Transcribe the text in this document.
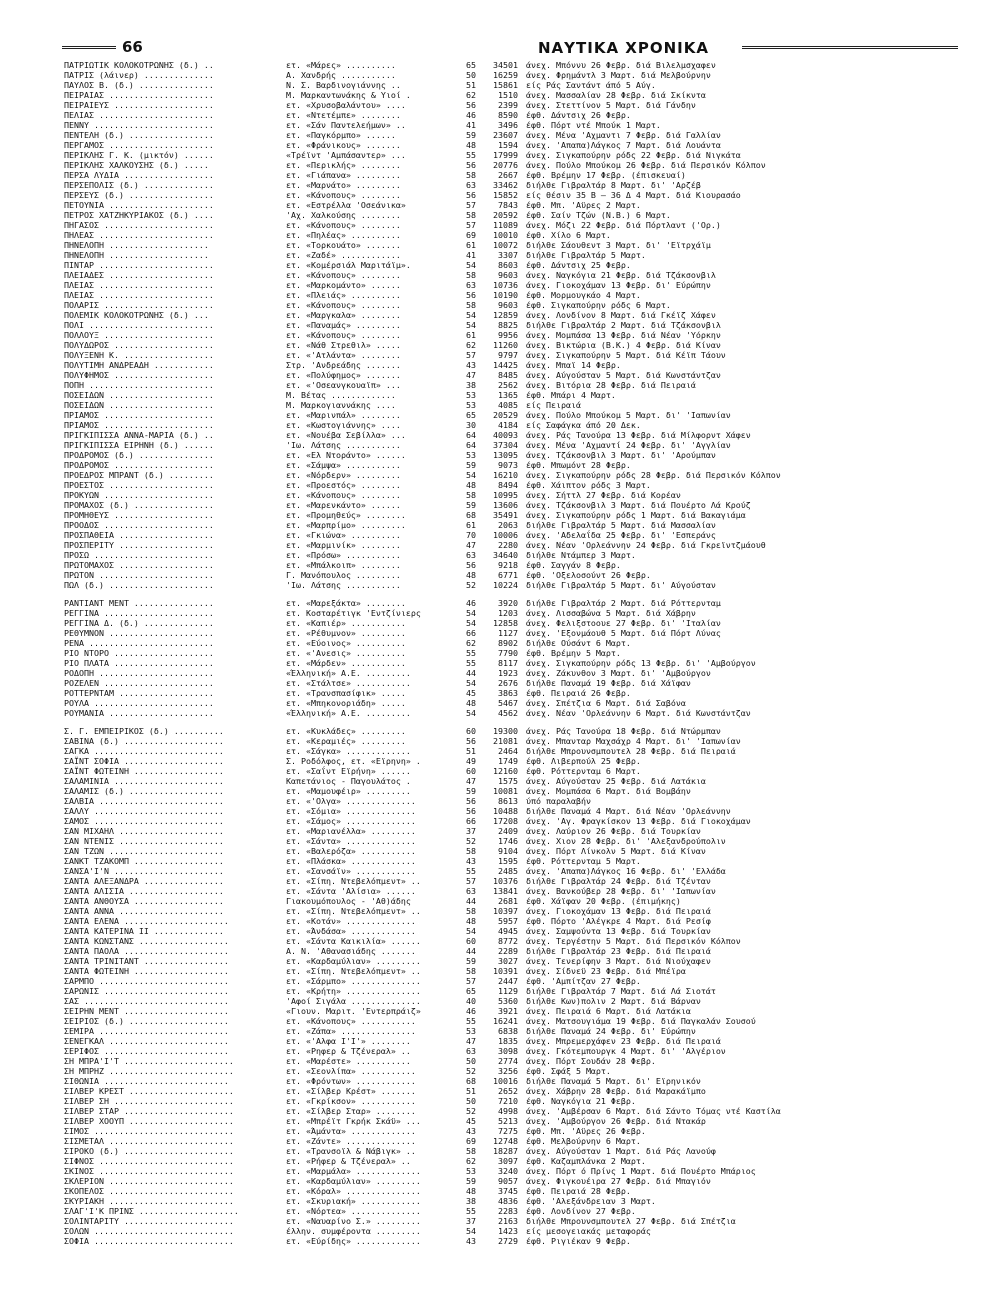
66	ΝΑΥΤΙΚΑ ΧΡΟΝΙΚΑ
ΠΑΤΡΙΩΤΙΚ ΚΟΛΟΚΟΤΡΩΝΗΣ (δ.) ..	ετ. «Μάρες» ..........	65	34501 άνεχ. Μπόννυ 26 Φεβρ. διά Βιλελμσχαφεν
ΠΑΤΡΙΣ (λάινερ) ..............	Α. Χανδρής ...........	50	16259 άνεχ. Φρημάντλ 3 Μαρτ. διά Μελβούρνην
ΠΑΥΛΟΣ Β. (δ.) ...............	Ν. Σ. Βαρδινογιάννης ..	51	15861 είς Ράς Σαντάντ άπό 5 Αύγ.
ΠΕΙΡΑΙΑΣ .....................	Μ. Μαρκαντωνάκης & Υιοί .	62	1510 άνεχ. Μασσαλίαν 28 Φεβρ. διά Σκίκντα
ΠΕΙΡΑΙΕΥΣ ....................	ετ. «Χρυσοβαλάντου» ....	56	2399 άνεχ. Στεττίνον 5 Μαρτ. διά Γάνδην
ΠΕΛΙΑΣ .......................	ετ. «Ντετέμπε» ........	46	8590 έφθ. Δάντσιχ 26 Φεβρ.
ΠΕΝΝΥ ........................	ετ. «Σάν Παντελεήμων» ..	41	3496 έφθ. Πόρτ ντέ Μπούκ 1 Μαρτ.
ΠΕΝΤΕΛΗ (δ.) .................	ετ. «Παγκόρμπο» ......	59	23607 άνεχ. Μένα 'Αχμαντι 7 Φεβρ. διά Γαλλίαν
ΠΕΡΓΑΜΟΣ .....................	ετ. «Φράνικους» .......	48	1594 άνεχ. 'Απαπα)Λάγκος 7 Μαρτ. διά Λουάντα
ΠΕΡΙΚΛΗΣ Γ. Κ. (μικτόν) ......	«Τρέϊντ 'Αμπάσαντερ» ...	55	17999 άνεχ. Σιγκαπούρην ρόδς 22 Φεβρ. διά Νιγκάτα
ΠΕΡΙΚΛΗΣ ΧΑΛΚΟΥΣΗΣ (δ.) .....	ετ. «Περικλής» ........	56	20776 άνεχ. Πούλο Μπούκομ 26 Φεβρ. διά Περσικόν Κόλπον
ΠΕΡΣΑ ΛΥΔΙΑ ..................	ετ. «Γιάπανα» .........	58	2667 έφθ. Βρέμην 17 Φεβρ. (έπισκευαί)
ΠΕΡΣΕΠΟΛΙΣ (δ.) ..............	ετ. «Μαρνάτο» .........	63	33462 διήλθε Γιβραλτάρ 8 Μαρτ. δι' 'Αρζέβ
ΠΕΡΣΕΥΣ (δ.) .................	ετ. «Κάνοπους» ........	56	15852 είς θέσιν 35 Β — 36 Δ 4 Μαρτ. διά Κιουρασάο
ΠΕΤΟΥΝΙΑ .....................	ετ. «Εστρέλλα 'Οσεάνικα»	57	7843 έφθ. Μπ. 'Αϋρες 2 Μαρτ.
ΠΕΤΡΟΣ ΧΑΤΖΗΚΥΡΙΑΚΟΣ (δ.) ....	'Αχ. Χαλκούσης ........	58	20592 έφθ. Σαίν Τζών (Ν.Β.) 6 Μαρτ.
ΠΗΓΑΣΟΣ ......................	ετ. «Κάνοπους» ........	57	11089 άνεχ. Μόζι 22 Φεβρ. διά Πόρτλαντ ('Ορ.)
ΠΗΛΕΑΣ .......................	ετ. «Πηλέας» ..........	69	10010 έφθ. Χίλο 6 Μαρτ.
ΠΗΝΕΛΟΠΗ ....................	ετ. «Τορκουάτο» .......	61	10072 διήλθε Σάουθεντ 3 Μαρτ. δι' 'Εϊτρχάϊμ
ΠΗΝΕΛΟΠΗ ....................	ετ. «Ζαδέ» ............	41	3307 διήλθε Γιβραλτάρ 5 Μαρτ.
ΠΙΝΤΑΡ .......................	ετ. «Κομέρσιάλ Μαριτάϊμ».	54	8603 έφθ. Δάντσιχ 25 Φεβρ.
ΠΛΕΙΑΔΕΣ .....................	ετ. «Κάνοπους» ........	58	9603 άνεχ. Ναγκόγια 21 Φεβρ. διά Τζάκσονβιλ
ΠΛΕΙΑΣ .......................	ετ. «Μαρκομάντο» ......	63	10736 άνεχ. Γιοκοχάμαν 13 Φεβρ. δι' Εύρώπην
ΠΛΕΙΑΣ .......................	ετ. «Πλειάς» ..........	56	10190 έφθ. Μορμουγκάο 4 Μαρτ.
ΠΟΛΑΡΙΣ ......................	ετ. «Κάνοπους» ........	58	9603 έφθ. Σιγκαπούρην ρόδς 6 Μαρτ.
ΠΟΛΕΜΙΚ ΚΟΛΟΚΟΤΡΩΝΗΣ (δ.) ...	ετ. «Μαργκαλα» ........	54	12859 άνεχ. Λονδίνον 8 Μαρτ. διά Γκέϊζ Χάφεν
ΠΟΛΙ .........................	ετ. «Παναμάς» .........	54	8825 διήλθε Γιβραλτάρ 2 Μαρτ. διά Τζάκσονβιλ
ΠΟΛΛΟΥΞ ......................	ετ. «Κάνοπους» ........	61	9956 άνεχ. Μομπάσα 13 Φεβρ. διά Νέαν 'Υόρκην
ΠΟΛΥΔΩΡΟΣ ....................	ετ. «Νάθ Στρεθιλ» .....	62	11260 άνεχ. Βικτώρια (Β.Κ.) 4 Φεβρ. διά Κίναν
ΠΟΛΥΞΕΝΗ Κ. ..................	ετ. «'Ατλάντα» ........	57	9797 άνεχ. Σιγκαπούρην 5 Μαρτ. διά Κέϊπ Τάουν
ΠΟΛΥΤΙΜΗ ΑΝΔΡΕΑΔΗ ............	Στρ. 'Ανδρεάδης .......	43	14425 άνεχ. Μπαϊ 14 Φεβρ.
ΠΟΛΥΦΗΜΟΣ ....................	ετ. «Πολύφημος» .......	47	8485 άνεχ. Αύγούσταν 5 Μαρτ. διά Κωνστάντζαν
ΠΟΠΗ .........................	ετ. «'Οσεανγκουαϊπ» ...	38	2562 άνεχ. Βιτόρια 28 Φεβρ. διά Πειραιά
ΠΟΣΕΙΔΩΝ .....................	Μ. Βέτας .............	53	1365 έφθ. Μπάρι 4 Μαρτ.
ΠΟΣΕΙΔΩΝ .....................	Μ. Μαρκογιαννάκης ....	53	4085 είς Πειραιά
ΠΡΙΑΜΟΣ ......................	ετ. «Μαρινπάλ» ........	65	20529 άνεχ. Πούλο Μπούκομ 5 Μαρτ. δι' 'Ιαπωνίαν
ΠΡΙΑΜΟΣ ......................	ετ. «Κωστογιάννης» ....	30	4184 είς Σαφάγκα άπό 20 Δεκ.
ΠΡΙΓΚΙΠΙΣΣΑ ΑΝΝΑ-ΜΑΡΙΑ (δ.) ..	ετ. «Νουέβα Σεβίλλα» ...	64	40093 άνεχ. Ράς Τανούρα 13 Φεβρ. διά Μίλφορντ Χάφεν
ΠΡΙΓΚΙΠΙΣΣΑ ΕΙΡΗΝΗ (δ.) ......	'Ιω. Λάτσης ...........	64	37304 άνεχ. Μένα 'Αχμαντί 24 Φεβρ. δι' 'Αγγλίαν
ΠΡΟΔΡΟΜΟΣ (δ.) ...............	ετ. «Ελ Ντοράντο» ......	53	13095 άνεχ. Τζάκσονβιλ 3 Μαρτ. δι' 'Αρούμπαν
ΠΡΟΔΡΟΜΟΣ ....................	ετ. «Σάμψα» ...........	59	9073 έφθ. Μπωμόντ 28 Φεβρ.
ΠΡΟΕΔΡΟΣ ΜΠΡΑΝΤ (δ.) .........	ετ. «Νόρδερν» .........	54	16210 άνεχ. Σιγκαπούρην ρόδς 28 Φεβρ. διά Περσικόν Κόλπον
ΠΡΟΕΣΤΟΣ .....................	ετ. «Προεστός» ........	48	8494 έφθ. Χάιπτον ρόδς 3 Μαρτ.
ΠΡΟΚΥΩΝ ......................	ετ. «Κάνοπους» ........	58	10995 άνεχ. Σήττλ 27 Φεβρ. διά Κορέαν
ΠΡΟΜΑΧΟΣ (δ.) ................	ετ. «Μαρενκάντο» ......	59	13606 άνεχ. Τζάκσονβιλ 3 Μαρτ. διά Πουέρτο Λά Κρούζ
ΠΡΟΜΗΘΕΥΣ ....................	ετ. «Προμηθεύς» ........	68	35491 άνεχ. Σιγκαπούρην ρόδς 1 Μαρτ. διά Βακαγιάμα
ΠΡΟΟΔΟΣ ......................	ετ. «Μαρπρίμο» .........	61	2063 διήλθε Γιβραλτάρ 5 Μαρτ. διά Μασσαλίαν
ΠΡΟΣΠΑΘΕΙΑ ...................	ετ. «Γκιώνα» ..........	70	10006 άνεχ. 'Αδελαΐδα 25 Φεβρ. δι' 'Εσπεράνς
ΠΡΟΣΠΕΡΙΤΥ ...................	ετ. «Μαρμινίκ» ........	47	2280 άνεχ. Νέαν 'Ορλεάννην 24 Φεβρ. διά Γκρεϊντζμάουθ
ΠΡΟΣΩ ........................	ετ. «Πρόσω» ...........	63	34640 διήλθε Ντάμπερ 3 Μαρτ.
ΠΡΩΤΟΜΑΧΟΣ ...................	ετ. «Μπάλκοιπ» ........	56	9218 έφθ. Σαγγάν 8 Φεβρ.
ΠΡΩΤΟΝ .......................	Γ. Μανόπουλος .........	48	6771 έφθ. 'Οξελοσούντ 26 Φεβρ.
ΠΩΛ (δ.) .....................	'Ιω. Λάτσης ...........	52	10224 διήλθε Γιβραλτάρ 5 Μαρτ. δι' Αύγούσταν
ΡΑΝΤΙΑΝΤ ΜΕΝΤ ................	ετ. «Μαρεξάκτα» ........	46	3920 διήλθε Γιβραλτάρ 2 Μαρτ. διά Ρόττερνταμ
ΡΕΓΓΙΝΑ ......................	ετ. Κοσταρέτιγκ 'Εντζίνιερς	54	1203 άνεχ. Λισσαβώνα 5 Μαρτ. διά Χάβρην
ΡΕΓΓΙΝΑ Δ. (δ.) ..............	ετ. «Καπιέρ» ...........	54	12858 άνεχ. Φελιξστοουε 27 Φεβρ. δι' 'Ιταλίαν
ΡΕΘΥΜΝΟΝ .....................	ετ. «Ρέθυμνον» .........	66	1127 άνεχ. 'Εξονμάουθ 5 Μαρτ. διά Πόρτ Λύνας
ΡΕΝΑ .........................	ετ. «Εύοινος» ..........	62	8902 διήλθε Ούσάντ 6 Μαρτ.
ΡΙΟ ΝΤΟΡΟ ....................	ετ. «'Ανεσις» ..........	55	7790 έφθ. Βρέμην 5 Μαρτ.
ΡΙΟ ΠΛΑΤΑ ....................	ετ. «Μάρδεν» ...........	55	8117 άνεχ. Σιγκαπούρην ρόδς 13 Φεβρ. δι' 'Αμβούργον
ΡΟΔΟΠΗ .......................	«Έλληνική» Α.Ε. .........	44	1923 άνεχ. Ζάκυνθον 3 Μαρτ. δι' 'Αμβούργον
ΡΟΖΕΛΕΝ ......................	ετ. «Στάλτσε» ...........	54	2676 διήλθε Παναμά 19 Φεβρ. διά Χάϊφαν
ΡΟΤΤΕΡΝΤΑΜ ...................	ετ. «Τρανσπασίφικ» .....	45	3863 έφθ. Πειραιά 26 Φεβρ.
ΡΟΥΛΑ ........................	ετ. «Μπηκονοριάδη» .....	48	5467 άνεχ. Σπέτζια 6 Μαρτ. διά Σαβόνα
ΡΟΥΜΑΝΙΑ .....................	«Έλληνική» Α.Ε. .........	54	4562 άνεχ. Νέαν 'Ορλεάννην 6 Μαρτ. διά Κωνστάντζαν
Σ. Γ. ΕΜΠΕΙΡΙΚΟΣ (δ.) ..........	ετ. «Κυκλάδες» .........	60	19300 άνεχ. Ράς Τανούρα 18 Φεβρ. διά Ντώρμπαν
ΣΑΒΙΝΑ (δ.) ....................	ετ. «Κεραμιές» .........	56	21081 άνεχ. Μπανταρ Μαχσάχρ 4 Μαρτ. δι' 'Ιαπωνίαν
ΣΑΓΚΑ ..........................	ετ. «Σάγκα» .............	51	2464 διήλθε Μπρουνσμπουτελ 28 Φεβρ. διά Πειραιά
ΣΑΪΝΤ ΣΟΦΙΑ ....................	Σ. Ροδόλφος, ετ. «Εϊρηνη» .	49	1749 έφθ. Λιβερπούλ 25 Φεβρ.
ΣΑΪΝΤ ΦΩΤΕΙΝΗ ..................	ετ. «Σαΐντ Εϊρήνη» ......	60	12160 έφθ. Ρόττερνταμ 6 Μαρτ.
ΣΑΛΑΜΙΝΙΑ ......................	Καπετάνιος - Παγουλάτος .	47	1575 άνεχ. Αύγούσταν 25 Φεβρ. διά Λατάκια
ΣΑΛΑΜΙΣ (δ.) ...................	ετ. «Μαμουφέιρ» .........	59	10081 άνεχ. Μομπάσα 6 Μαρτ. διά Βομβάην
ΣΑΛΒΙΑ .........................	ετ. «'Ολγα» ..............	56	8613 ύπό παραλαβήν
ΣΑΛΛΥ ..........................	ετ. «Σόμια» ..............	56	10488 διήλθε Παναμά 4 Μαρτ. διά Νέαν 'Ορλεάννην
ΣΑΜΟΣ ..........................	ετ. «Σάμος» ..............	66	17208 άνεχ. 'Αγ. Φραγκίσκον 13 Φεβρ. διά Γιοκοχάμαν
ΣΑΝ ΜΙΧΑΗΛ .....................	ετ. «Μαριανέλλα» .........	37	2409 άνεχ. Λαύριον 26 Φεβρ. διά Τουρκίαν
ΣΑΝ ΝΤΕΝΙΣ .....................	ετ. «Σάντα» ..............	52	1746 άνεχ. Χιον 28 Φεβρ. δι' 'Αλεξανδρούπολιν
ΣΑΝ ΤΖΩΝ .......................	ετ. «Βαλερόζα» ...........	58	9104 άνεχ. Πόρτ Λίνκολν 5 Μαρτ. διά Κίναν
ΣΑΝΚΤ ΤΖΑΚΟΜΠ ..................	ετ. «Πλάσκα» .............	43	1595 έφθ. Ρόττερνταμ 5 Μαρτ.
ΣΑΝΣΑ'Ι'Ν ......................	ετ. «Σανσάϊν» ............	55	2485 άνεχ. 'Απαπα)Λάγκος 16 Φεβρ. δι' 'Ελλάδα
ΣΑΝΤΑ ΑΛΕΞΑΝΔΡΑ ................	ετ. «Σίπη. Ντεβελόπμεντ» ..	57	10376 διήλθε Γιβραλτάρ 24 Φεβρ. διά Τζένταν
ΣΑΝΤΑ ΑΛΙΣΙΑ ...................	ετ. «Σάντα 'Αλίσια» ......	63	13841 άνεχ. Βανκούβερ 28 Φεβρ. δι' 'Ιαπωνίαν
ΣΑΝΤΑ ΑΝΘΟΥΣΑ ..................	Γιακουμόπουλος - 'Αθ)άδης	44	2681 έφθ. Χάϊφαν 20 Φεβρ. (έπιμήκης)
ΣΑΝΤΑ ΑΝΝΑ .....................	ετ. «Σίπη. Ντεβελόπμεντ» ..	58	10397 άνεχ. Γιοκοχάμαν 13 Φεβρ. διά Πειραιά
ΣΑΝΤΑ ΕΛΕΝΑ .....................	ετ. «Κοτάν» ..............	48	5957 έφθ. Πόρτο 'Αλέγκρε 4 Μαρτ. διά Ρεσίφ
ΣΑΝΤΑ ΚΑΤΕΡΙΝΑ ΙΙ ..............	ετ. «Άνδάσα» .............	54	4945 άνεχ. Σαμψούντα 13 Φεβρ. διά Τουρκίαν
ΣΑΝΤΑ ΚΩΝΣΤΑΝΣ ..................	ετ. «Σάντα Καικιλία» ......	60	8772 άνεχ. Τεργέστην 5 Μαρτ. διά Περσικόν Κόλπον
ΣΑΝΤΑ ΠΑΟΛΑ .....................	Α. Ν. 'Αθανασιάδης .......	44	2289 διήλθε Γιβραλτάρ 23 Φεβρ. διά Πειραιά
ΣΑΝΤΑ ΤΡΙΝΙΤΑΝΤ .................	ετ. «Καρδαμύλιαν» .........	59	3027 άνεχ. Τενερίφην 3 Μαρτ. διά Νιούχαφεν
ΣΑΝΤΑ ΦΩΤΕΙΝΗ ...................	ετ. «Σίπη. Ντεβελόπμεντ» ..	58	10391 άνεχ. Σίδνεϋ 23 Φεβρ. διά Μπέϊρα
ΣΑΡΜΠΟ ..........................	ετ. «Σάρμπο» ..............	57	2447 έφθ. 'Αμπίτζαν 27 Φεβρ.
ΣΑΡΩΝΙΣ .........................	ετ. «Κρήτη» ...............	65	1129 διήλθε Γιβραλτάρ 7 Μαρτ. διά Λά Σιοτάτ
ΣΑΣ .............................	'Αφοί Σιγάλα ..............	40	5360 διήλθε Κων)πολιν 2 Μαρτ. διά Βάρναν
ΣΕΙΡΗΝ ΜΕΝΤ .....................	«Γιουν. Μαριτ. 'Εντερπράιζ»	46	3921 άνεχ. Πειραιά 6 Μαρτ. διά Λατάκια
ΣΕΙΡΙΟΣ (δ.) ....................	ετ. «Κάνοπους» ...........	55	16241 άνεχ. Ματσουγιάμα 19 Φεβρ. διά Παγκαλάν Σουσού
ΣΕΜΙΡΑ ..........................	ετ. «Ζάπα» ...............	53	6838 διήλθε Παναμά 24 Φεβρ. δι' Εύρώπην
ΣΕΝΕΓΚΑΛ ........................	ετ. «'Αλφα Ι'Ι'» ........	47	1835 άνεχ. Μπρεμερχάφεν 23 Φεβρ. διά Πειραιά
ΣΕΡΙΦΟΣ .........................	ετ. «Ρηφερ & Τζένεραλ» ..	63	3098 άνεχ. Γκότεμπουργκ 4 Μαρτ. δι' 'Αλγέριον
ΣΗ ΜΠΡΑ'Ι'Τ ......................	ετ. «Μαρέστε» ...........	50	2774 άνεχ. Πόρτ Σουδάν 28 Φεβρ.
ΣΗ ΜΠΡΗΖ .........................	ετ. «Σεονλίπα» ...........	52	3256 έφθ. Σφάξ 5 Μαρτ.
ΣΙΘΩΝΙΑ .........................	ετ. «Φρόντων» ............	68	10016 διήλθε Παναμά 5 Μαρτ. δι' Εϊρηνικόν
ΣΙΛΒΕΡ ΚΡΕΣΤ .....................	ετ. «Σίλβερ Κρέστ» .......	51	2652 άνεχ. Χάβρην 28 Φεβρ. διά Μαρακάϊμπο
ΣΙΛΒΕΡ ΣΗ ........................	ετ. «Γκρίκσον» ...........	50	7210 έφθ. Ναγκόγια 21 Φεβρ.
ΣΙΛΒΕΡ ΣΤΑΡ ......................	ετ. «Σίλβερ Σταρ» ........	52	4998 άνεχ. 'Αμβέρσαν 6 Μαρτ. διά Σάντο Τόμας ντέ Καστίλα
ΣΙΛΒΕΡ ΧΟΟΥΠ .....................	ετ. «Μπρέϊτ Γκρήκ Σκάϋ» ...	45	5213 άνεχ. 'Αμβούργον 26 Φεβρ. διά Ντακάρ
ΣΙΜΟΣ ............................	ετ. «Άμάντα» .............	43	7275 έφθ. Μπ. 'Αϋρες 26 Φεβρ.
ΣΙΣΜΕΤΑΛ .........................	ετ. «Ζάντε» ..............	69	12748 έφθ. Μελβούρνην 6 Μαρτ.
ΣΙΡΟΚΟ (δ.) ......................	ετ. «Τρανσοϊλ & Νάβιγκ» ..	58	18287 άνεχ. Αύγούσταν 1 Μαρτ. διά Ράς Λανούφ
ΣΙΦΝΟΣ ...........................	ετ. «Ρήφερ & Τζένεραλ» ..	62	3097 έφθ. Καζαμπλάνκα 2 Μαρτ.
ΣΚΙΝΟΣ ...........................	ετ. «Μαρμάλα» .............	53	3240 άνεχ. Πόρτ ό Πρίνς 1 Μαρτ. διά Πουέρτο Μπάριος
ΣΚΛΕΡΙΟΝ .........................	ετ. «Καρδαμύλιαν» .........	59	9057 άνεχ. Φιγκουέιρα 27 Φεβρ. διά Μπαγιόν
ΣΚΟΠΕΛΟΣ .........................	ετ. «Κόραλ» ...............	48	3745 έφθ. Πειραιά 28 Φεβρ.
ΣΚΥΡΙΑΚΗ .........................	ετ. «Σκυριακή» ............	38	4836 έφθ. 'Αλεξάνδρειαν 3 Μαρτ.
ΣΛΑΓ'Ι'Κ ΠΡΙΝΣ ....................	ετ. «Νόρτεα» ..............	55	2283 έφθ. Λονδίνον 27 Φεβρ.
ΣΟΛΙΝΤΑΡΙΤΥ ......................	ετ. «Ναυαρίνο Σ.» .........	37	2163 διήλθε Μπρουνσμπουτελ 27 Φεβρ. διά Σπέτζια
ΣΟΛΩΝ ............................	έλλην. συμφέροντα .........	54	1423 είς μεσογειακάς μεταφοράς
ΣΟΦΙΑ ............................	ετ. «Εύρίδης» .............	43	2729 έφθ. Ριγιέκαν 9 Φεβρ.
